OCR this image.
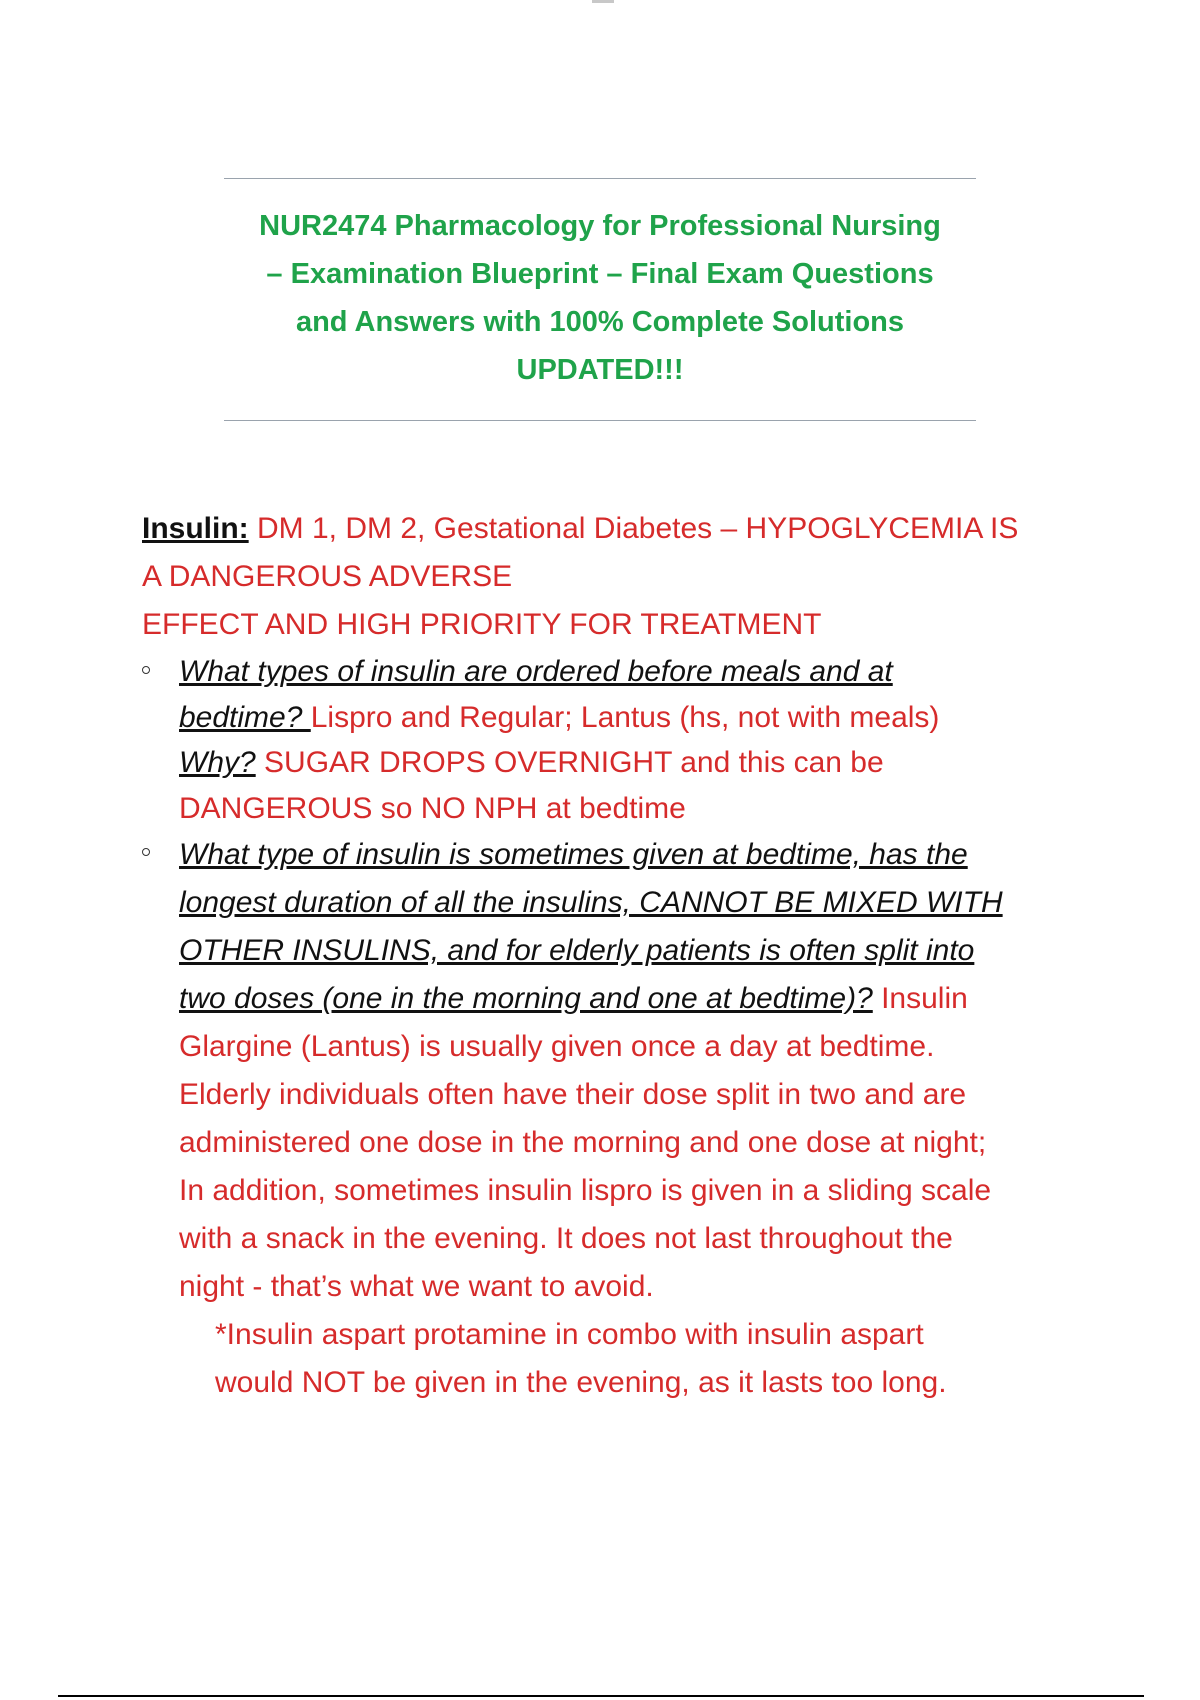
NUR2474 Pharmacology for Professional Nursing
– Examination Blueprint – Final Exam Questions
and Answers with 100% Complete Solutions
UPDATED!!!
Insulin: DM 1, DM 2, Gestational Diabetes – HYPOGLYCEMIA IS
A DANGEROUS ADVERSE
EFFECT AND HIGH PRIORITY FOR TREATMENT
What types of insulin are ordered before meals and at
bedtime? Lispro and Regular; Lantus (hs, not with meals)
Why? SUGAR DROPS OVERNIGHT and this can be
DANGEROUS so NO NPH at bedtime
What type of insulin is sometimes given at bedtime, has the
longest duration of all the insulins, CANNOT BE MIXED WITH
OTHER INSULINS, and for elderly patients is often split into
two doses (one in the morning and one at bedtime)? Insulin
Glargine (Lantus) is usually given once a day at bedtime.
Elderly individuals often have their dose split in two and are
administered one dose in the morning and one dose at night;
In addition, sometimes insulin lispro is given in a sliding scale
with a snack in the evening. It does not last throughout the
night - that’s what we want to avoid.
*Insulin aspart protamine in combo with insulin aspart
would NOT be given in the evening, as it lasts too long.
